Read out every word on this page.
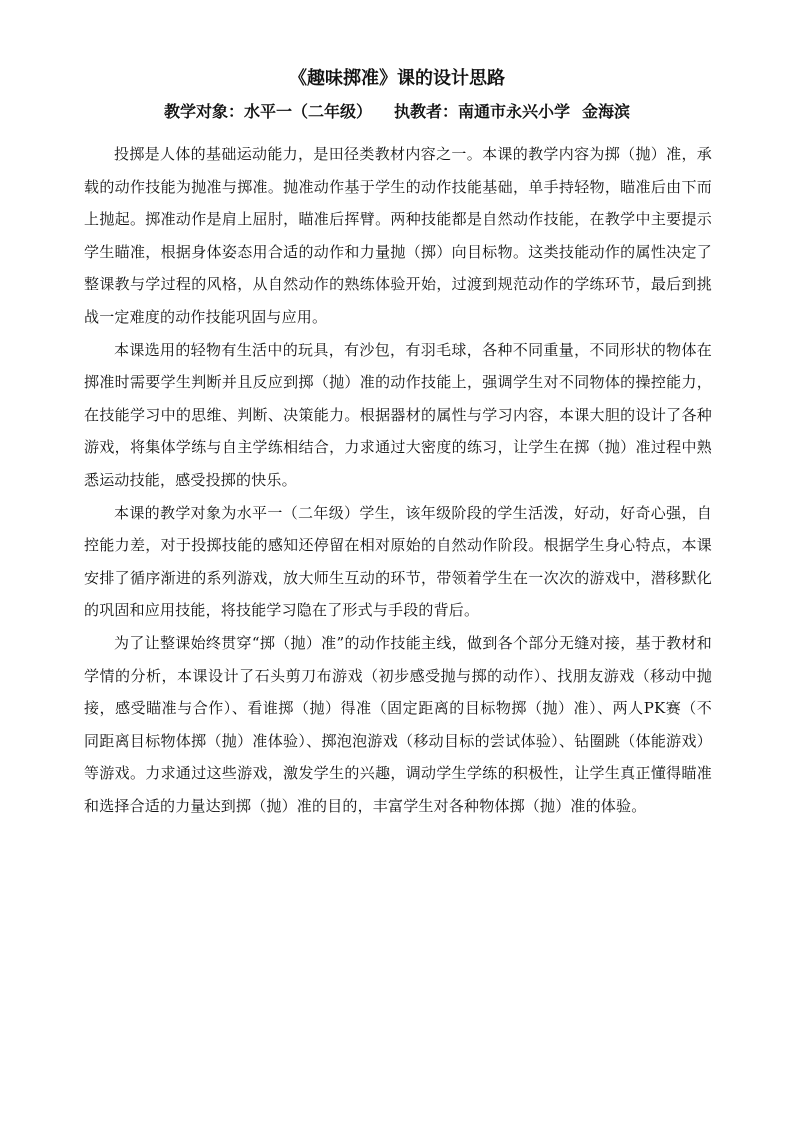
《趣味掷准》课的设计思路
教学对象：水平一（二年级） 执教者：南通市永兴小学 金海滨

投掷是人体的基础运动能力，是田径类教材内容之一。本课的教学内容为掷（抛）准，承载的动作技能为抛准与掷准。抛准动作基于学生的动作技能基础，单手持轻物，瞄准后由下而上抛起。掷准动作是肩上屈肘，瞄准后挥臂。两种技能都是自然动作技能，在教学中主要提示学生瞄准，根据身体姿态用合适的动作和力量抛（掷）向目标物。这类技能动作的属性决定了整课教与学过程的风格，从自然动作的熟练体验开始，过渡到规范动作的学练环节，最后到挑战一定难度的动作技能巩固与应用。

本课选用的轻物有生活中的玩具，有沙包，有羽毛球，各种不同重量，不同形状的物体在掷准时需要学生判断并且反应到掷（抛）准的动作技能上，强调学生对不同物体的操控能力，在技能学习中的思维、判断、决策能力。根据器材的属性与学习内容，本课大胆的设计了各种游戏，将集体学练与自主学练相结合，力求通过大密度的练习，让学生在掷（抛）准过程中熟悉运动技能，感受投掷的快乐。

本课的教学对象为水平一（二年级）学生，该年级阶段的学生活泼，好动，好奇心强，自控能力差，对于投掷技能的感知还停留在相对原始的自然动作阶段。根据学生身心特点，本课安排了循序渐进的系列游戏，放大师生互动的环节，带领着学生在一次次的游戏中，潜移默化的巩固和应用技能，将技能学习隐在了形式与手段的背后。

为了让整课始终贯穿“掷（抛）准”的动作技能主线，做到各个部分无缝对接，基于教材和学情的分析，本课设计了石头剪刀布游戏（初步感受抛与掷的动作）、找朋友游戏（移动中抛接，感受瞄准与合作）、看谁掷（抛）得准（固定距离的目标物掷（抛）准）、两人PK赛（不同距离目标物体掷（抛）准体验）、掷泡泡游戏（移动目标的尝试体验）、钻圈跳（体能游戏）等游戏。力求通过这些游戏，激发学生的兴趣，调动学生学练的积极性，让学生真正懂得瞄准和选择合适的力量达到掷（抛）准的目的，丰富学生对各种物体掷（抛）准的体验。
